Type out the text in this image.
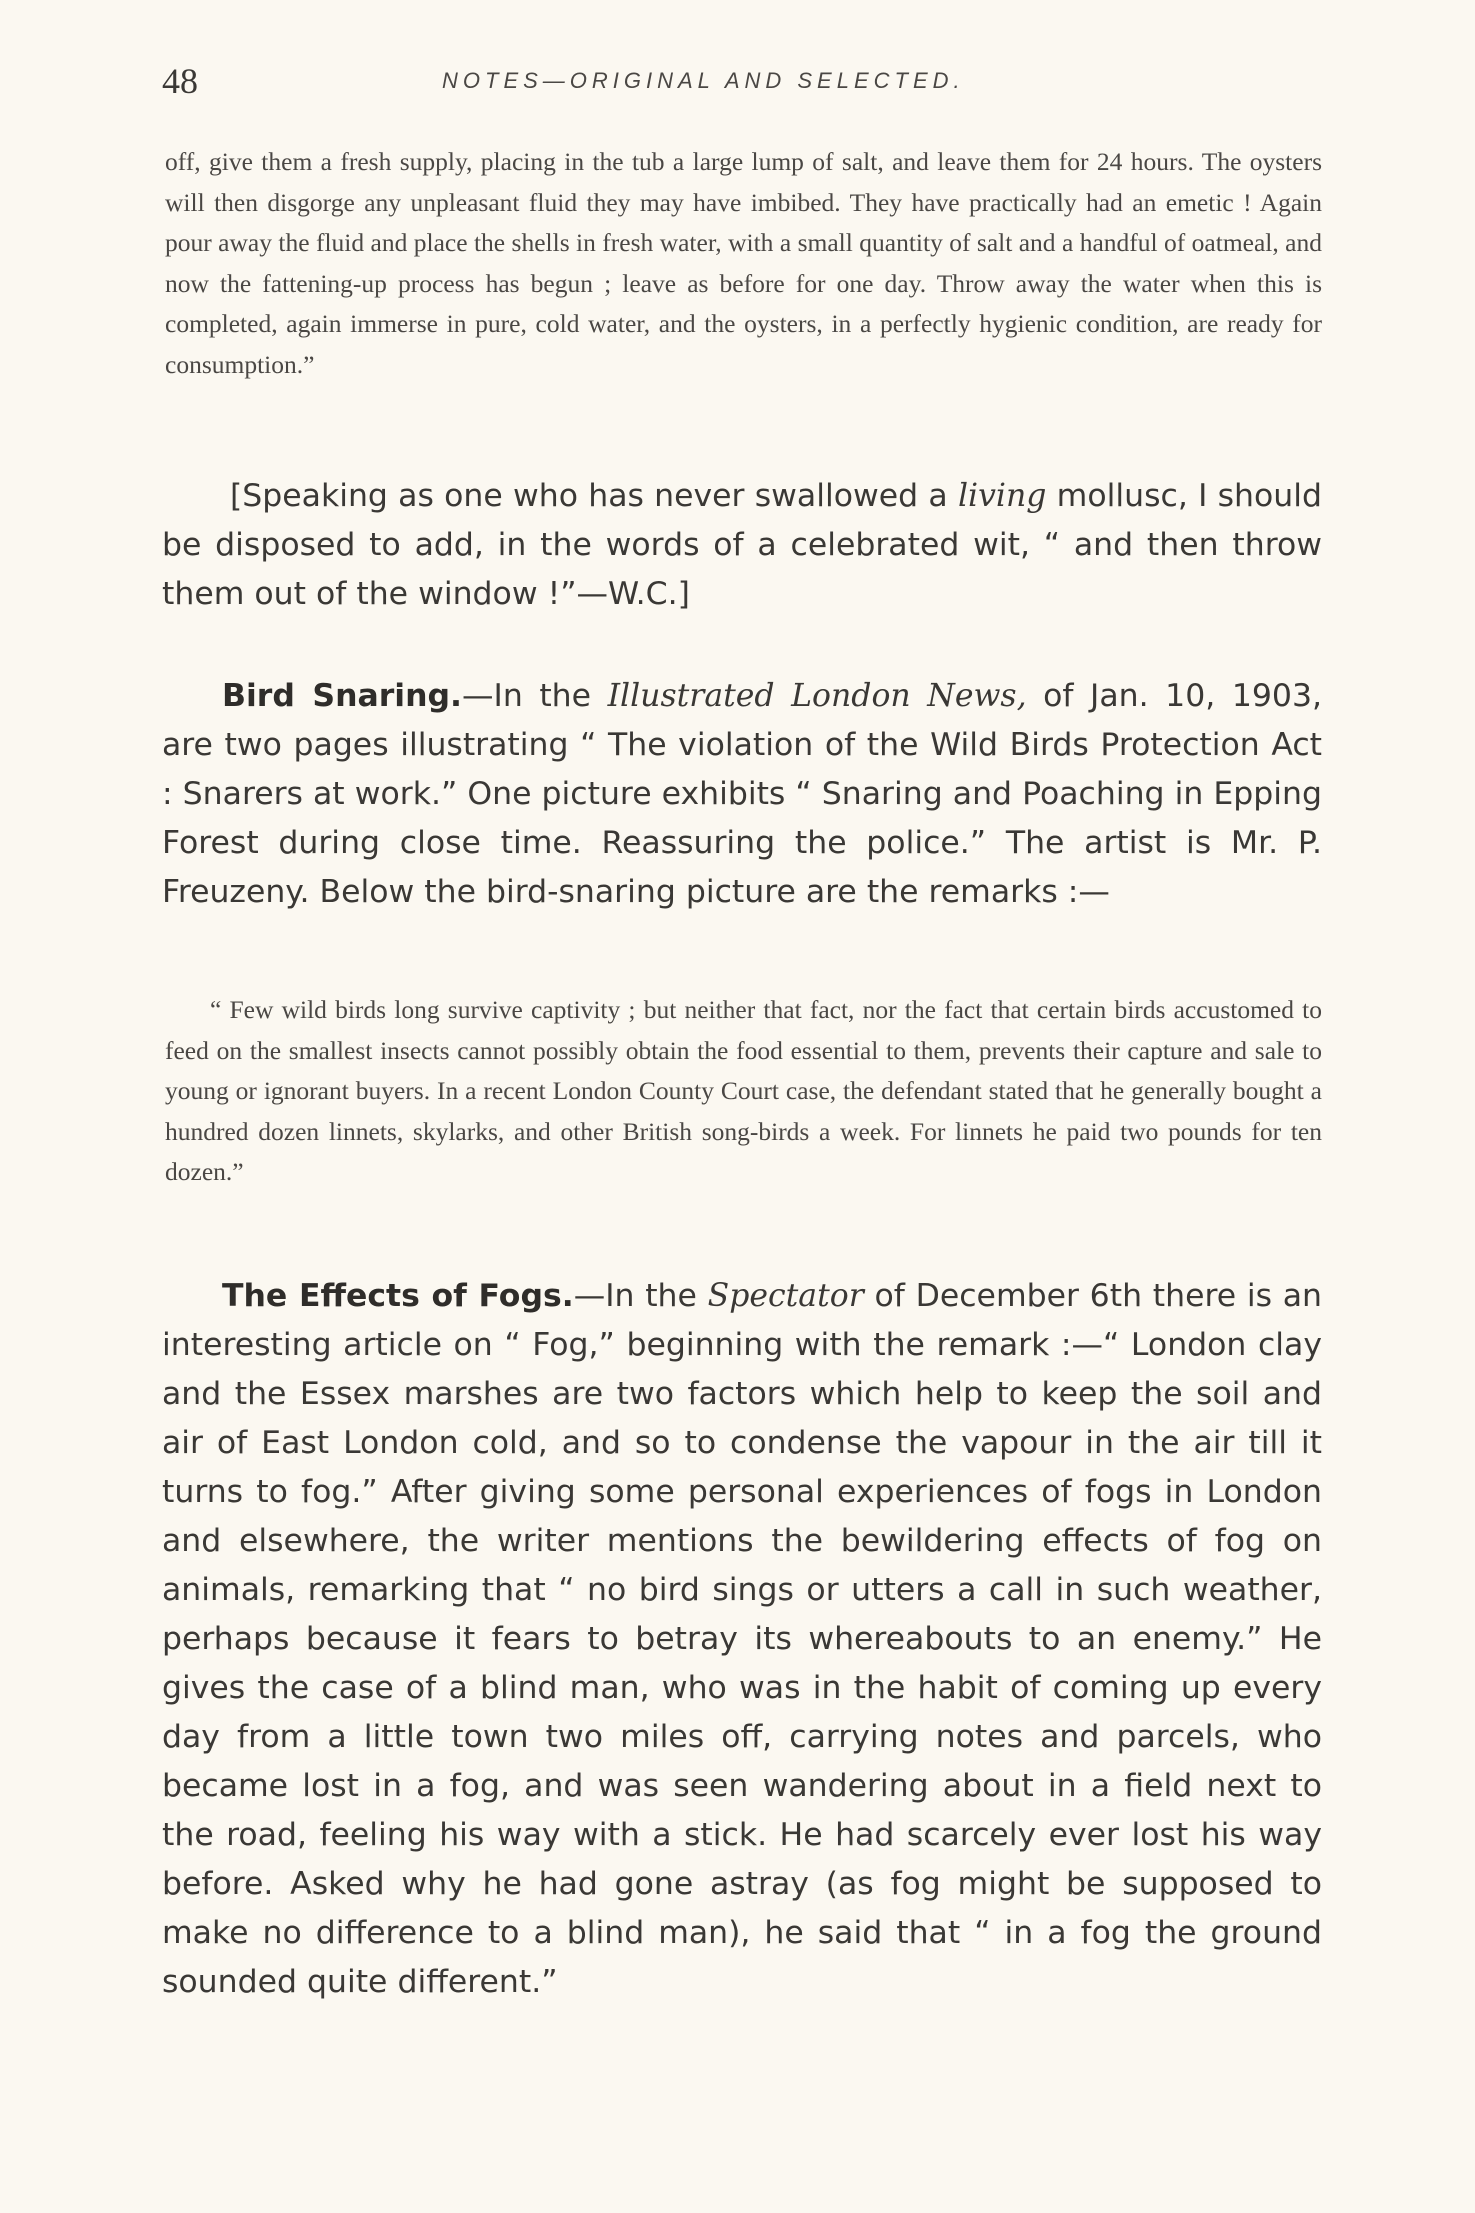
48	NOTES—ORIGINAL AND SELECTED.

off, give them a fresh supply, placing in the tub a large lump of salt, and leave them for 24 hours. The oysters will then disgorge any unpleasant fluid they may have imbibed. They have practically had an emetic ! Again pour away the fluid and place the shells in fresh water, with a small quantity of salt and a handful of oatmeal, and now the fattening-up process has begun ; leave as before for one day. Throw away the water when this is completed, again immerse in pure, cold water, and the oysters, in a perfectly hygienic condition, are ready for consumption.”

[Speaking as one who has never swallowed a living mollusc, I should be disposed to add, in the words of a celebrated wit, “ and then throw them out of the window !”—W.C.]

Bird Snaring.—In the Illustrated London News, of Jan. 10, 1903, are two pages illustrating “ The violation of the Wild Birds Protection Act : Snarers at work.” One picture exhibits “ Snaring and Poaching in Epping Forest during close time. Reassuring the police.” The artist is Mr. P. Freuzeny. Below the bird-snaring picture are the remarks :—

“ Few wild birds long survive captivity ; but neither that fact, nor the fact that certain birds accustomed to feed on the smallest insects cannot possibly obtain the food essential to them, prevents their capture and sale to young or ignorant buyers. In a recent London County Court case, the defendant stated that he generally bought a hundred dozen linnets, skylarks, and other British song-birds a week. For linnets he paid two pounds for ten dozen.”

The Effects of Fogs.—In the Spectator of December 6th there is an interesting article on “ Fog,” beginning with the remark :—“ London clay and the Essex marshes are two factors which help to keep the soil and air of East London cold, and so to condense the vapour in the air till it turns to fog.” After giving some personal experiences of fogs in London and elsewhere, the writer mentions the bewildering effects of fog on animals, remarking that “ no bird sings or utters a call in such weather, perhaps because it fears to betray its whereabouts to an enemy.” He gives the case of a blind man, who was in the habit of coming up every day from a little town two miles off, carrying notes and parcels, who became lost in a fog, and was seen wandering about in a field next to the road, feeling his way with a stick. He had scarcely ever lost his way before. Asked why he had gone astray (as fog might be supposed to make no difference to a blind man), he said that “ in a fog the ground sounded quite different.”
